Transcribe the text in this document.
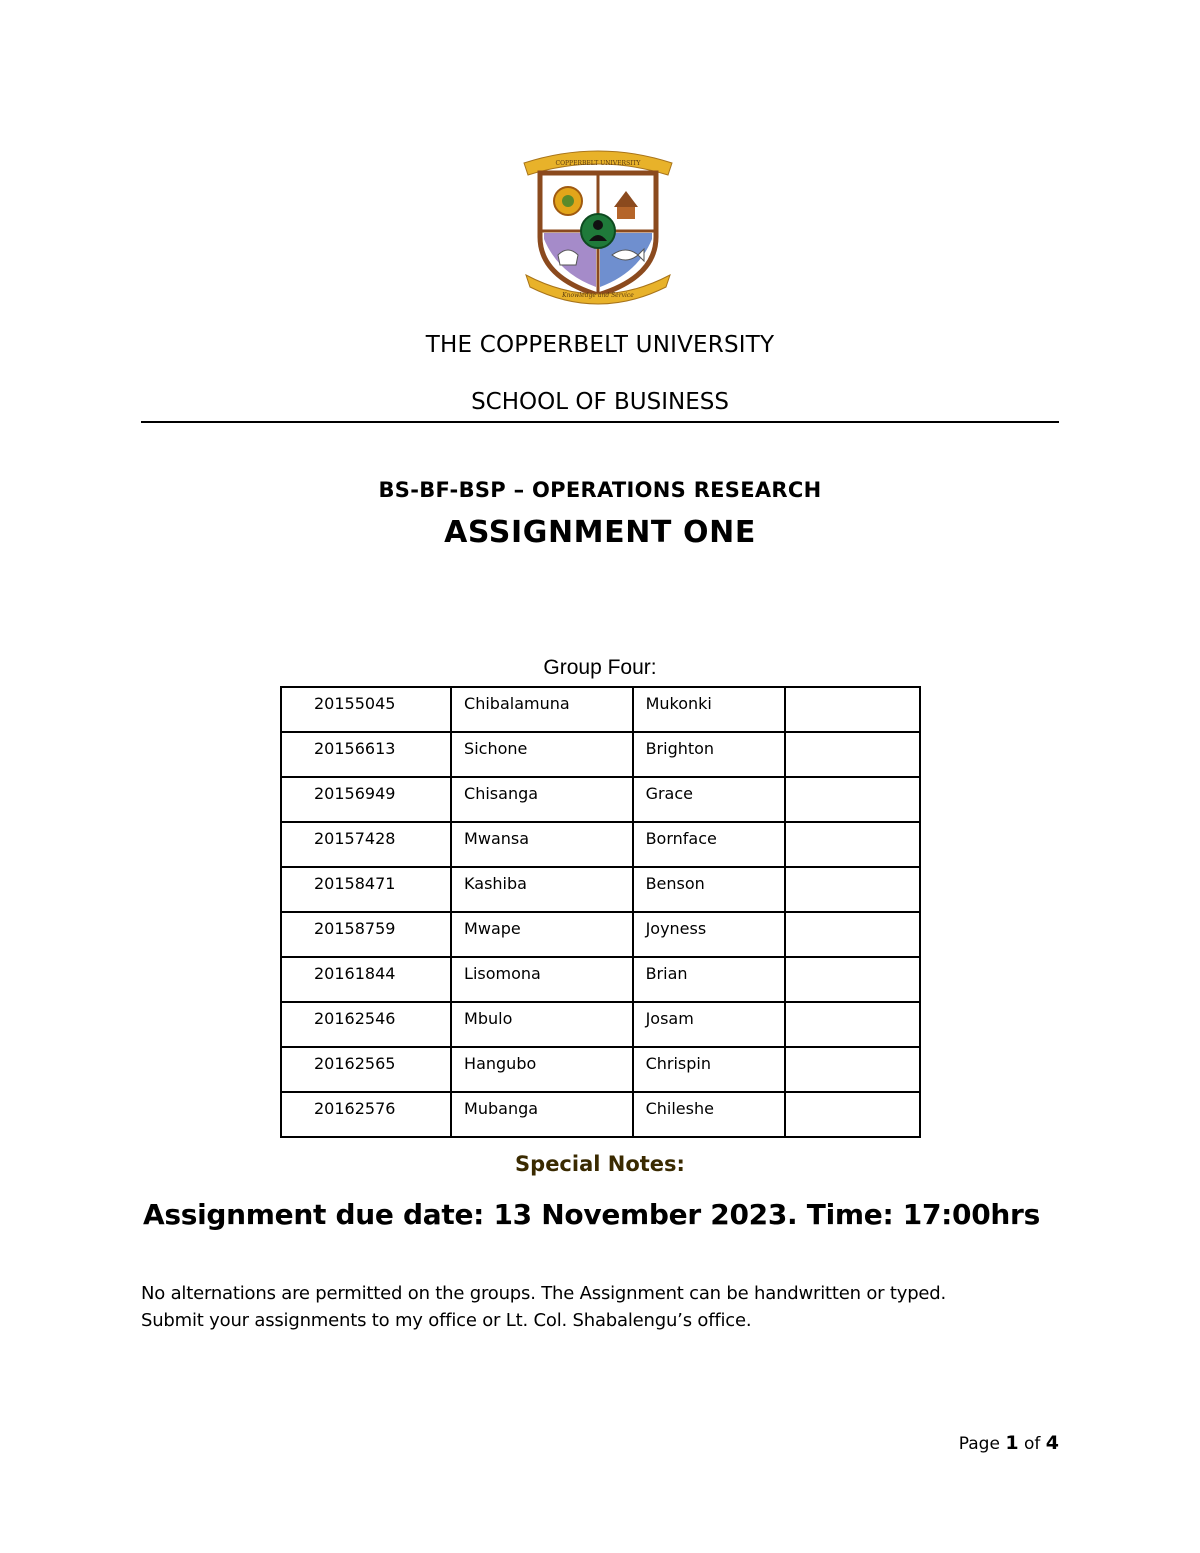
COPPERBELT UNIVERSITY
Knowledge and Service
THE COPPERBELT UNIVERSITY
SCHOOL OF BUSINESS
BS-BF-BSP – OPERATIONS RESEARCH
ASSIGNMENT ONE
Group Four:
20155045	Chibalamuna	Mukonki	
20156613	Sichone	Brighton	
20156949	Chisanga	Grace	
20157428	Mwansa	Bornface	
20158471	Kashiba	Benson	
20158759	Mwape	Joyness	
20161844	Lisomona	Brian	
20162546	Mbulo	Josam	
20162565	Hangubo	Chrispin	
20162576	Mubanga	Chileshe	
Special Notes:
Assignment due date: 13 November 2023. Time: 17:00hrs
No alternations are permitted on the groups. The Assignment can be handwritten or typed.
Submit your assignments to my office or Lt. Col. Shabalengu’s office.
Page 1 of 4
